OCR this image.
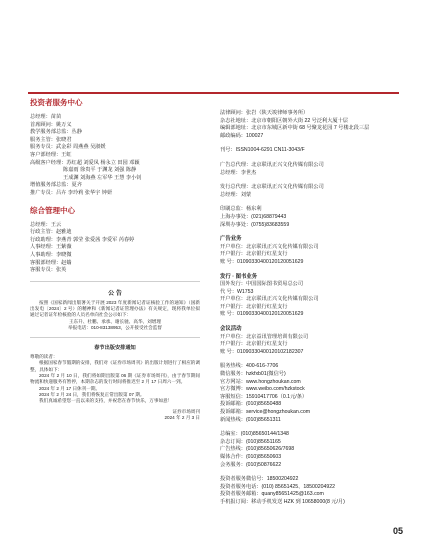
投资者服务中心
总经理：苗苗
首席顾问：姚万义
教学服务部总监：丛静
服务主管：张晓君
服务专员：武金彩 周燕燕 吴淑媛
客户部经理：王虹
高级客户经理：苏红超 刘爱凤 杨永立 田园 邓颖
陈嘉雨 徐贵平 于渊龙 刘强 陈静
王成渊 刘海燕 左军华 王慧 李小钊
增值服务部总监：夏齐
推广专员：吕卉 李玲莉 张华宇 钟妍
综合管理中心
总经理：王云
行政主管：赵雅迪
行政助理：李燕青 郭莹 张爱茜 李爱军 芮春婷
人事经理：王紫薇
人事助理：李晓微
客服部经理：赵嫱
客服专员：张英
公 告
按照《国家新闻出版署关于开展 2023 年度新闻记者证核验工作的通知》（国新出发电〔2024〕2 号）的精神和《新闻记者证管理办法》有关规定，现将我单位拟通过记者证年检核验的人员名单向社会公示如下：
王东升、杜鹏、承承、谢长驰、高华、刘增理
举报电话：010-83138953，公开接受社会监督
春节出版安排通知
尊敬的读者：
根据国家春节假期的安排，我们对《证券市场周刊》的出版计划进行了相应的调整，具体如下：
2024 年 2 月 10 日，我们将如期出版第 06 期《证券市场周刊》，由于春节期间物流和快递服务有暂停，本期杂志的发行时间将推迟至 2 月 17 日周六一到。
2024 年 2 月 17 日休刊一期。
2024 年 2 月 24 日，我们将恢复正常出版第 07 期。
我们真诚希望您一直以来的支持，并祝您在春节快乐，万事如意！
证券市场周刊
2024 年 2 月 3 日
法律顾问：张岩（陕天竣律师事务所）
杂志社地址：北京市朝阳区朝外大街 22 号泛利大厦十层
编辑部地址：北京市东城区新中街 68 号聚龙花园 7 号楼北段三层
邮政编码：100027
刊号：ISSN1004-6291 CN11-3043/F
广告总代理：北京联讯正兴文化传媒有限公司
总经理：李世杰
发行总代理：北京联讯正兴文化传媒有限公司
总经理：刘蒙
印刷总监：杨东利
上海办事处：(021)68879443
深圳办事处：(0755)83683559
广告业务
开户单位：北京联讯正兴文化传媒有限公司
开户银行：北京银行红星支行
账 号：01090330400120120051629
发行 · 图书业务
国外发行：中国国际图书贸易总公司
代 号：W1753
开户单位：北京联讯正兴文化传媒有限公司
开户银行：北京银行红星支行
账 号：01090330400120120051629
会议活动
开户单位：北京益讯管理培训有限公司
开户银行：北京银行红星支行
账 号：01090330400120102182307
服务热线：400-616-7706
微信服务：hzkfxb01(微信号)
官方网站：www.hongzhoukan.com
官方微博：www.weibo.com/hzkstock
客服短信：15910417706（0.1元/条）
投诉邮箱：(010)85650488
投诉邮箱：service@hongzhoukan.com
新闻热线：(010)85651311
总编室：(010)85650144/1348
杂志订阅：(010)85651165
广告热线：(010)85650626/7698
媒体合作：(010)85650603
会务服务：(010)50876622
投资者服务微信号：18500204922
投资者服务电话：(010) 85651425、18500204922
投资者服务邮箱：quany85651425@163.com
手机报订阅：移动手机发送 HZK 到 10658000(8 元/月)
05
